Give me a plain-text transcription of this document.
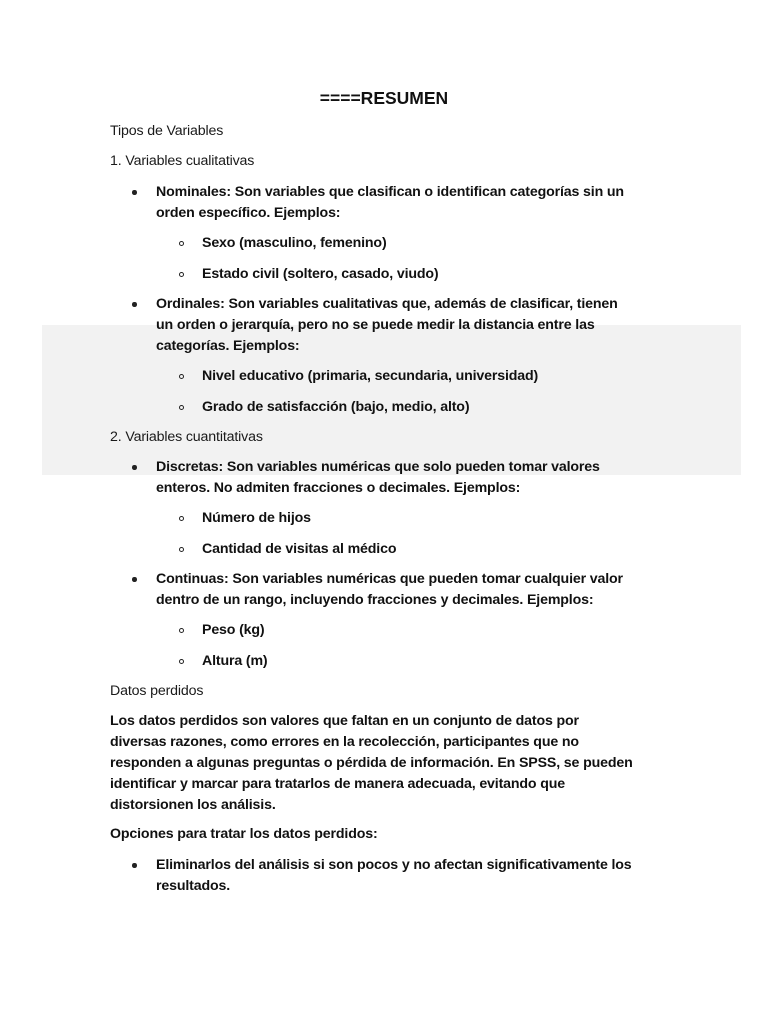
====RESUMEN

Tipos de Variables

1. Variables cualitativas

Nominales: Son variables que clasifican o identifican categorías sin un

orden específico. Ejemplos:

Sexo (masculino, femenino)

Estado civil (soltero, casado, viudo)

Ordinales: Son variables cualitativas que, además de clasificar, tienen

un orden o jerarquía, pero no se puede medir la distancia entre las

categorías. Ejemplos:

Nivel educativo (primaria, secundaria, universidad)

Grado de satisfacción (bajo, medio, alto)

2. Variables cuantitativas

Discretas: Son variables numéricas que solo pueden tomar valores

enteros. No admiten fracciones o decimales. Ejemplos:

Número de hijos

Cantidad de visitas al médico

Continuas: Son variables numéricas que pueden tomar cualquier valor

dentro de un rango, incluyendo fracciones y decimales. Ejemplos:

Peso (kg)

Altura (m)

Datos perdidos

Los datos perdidos son valores que faltan en un conjunto de datos por

diversas razones, como errores en la recolección, participantes que no

responden a algunas preguntas o pérdida de información. En SPSS, se pueden

identificar y marcar para tratarlos de manera adecuada, evitando que

distorsionen los análisis.

Opciones para tratar los datos perdidos:

Eliminarlos del análisis si son pocos y no afectan significativamente los

resultados.
